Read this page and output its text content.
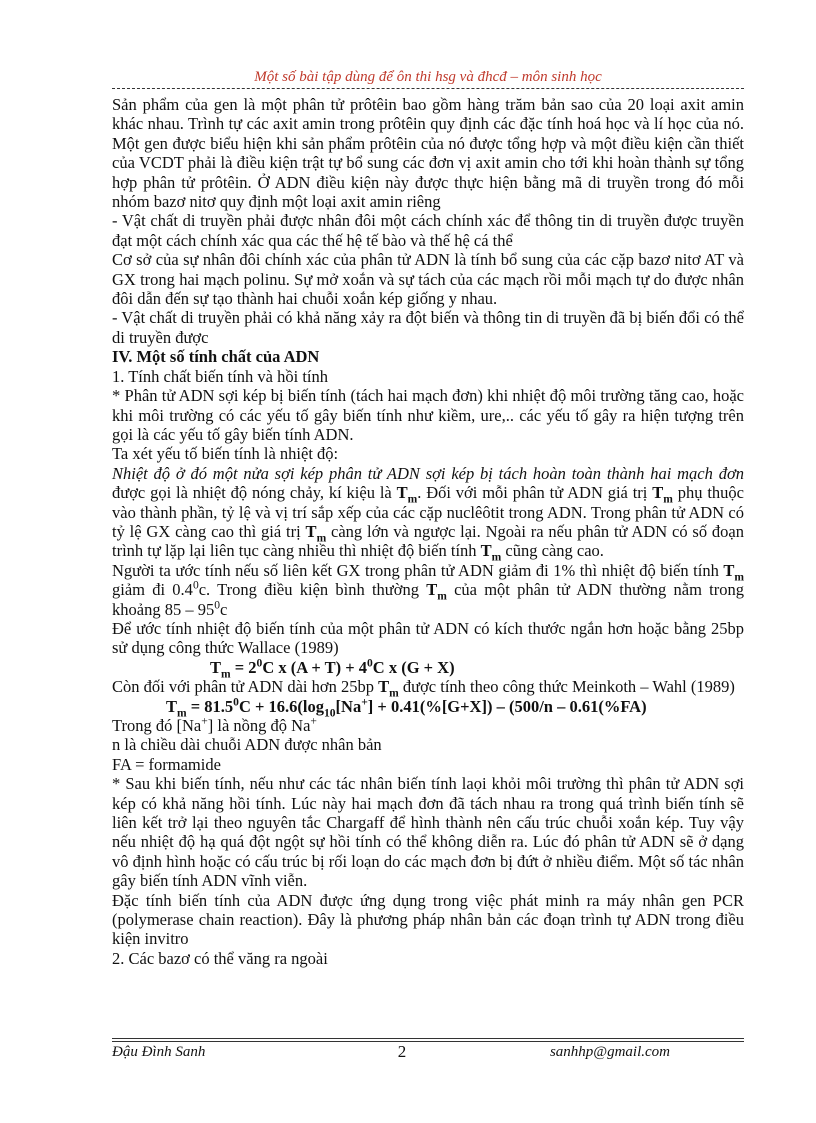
Một số bài tập dùng để ôn thi hsg và đhcđ – môn sinh học

Sản phẩm của gen là một phân tử prôtêin bao gồm hàng trăm bản sao của 20 loại axit amin khác nhau. Trình tự các axit amin trong prôtêin quy định các đặc tính hoá học và lí học của nó. Một gen được biểu hiện khi sản phẩm prôtêin của nó được tổng hợp và một điều kiện cần thiết của VCDT phải là điều kiện trật tự bổ sung các đơn vị axit amin cho tới khi hoàn thành sự tổng hợp phân tử prôtêin. Ở ADN điều kiện này được thực hiện bằng mã di truyền trong đó mỗi nhóm bazơ nitơ quy định một loại axit amin riêng

- Vật chất di truyền phải được nhân đôi một cách chính xác để thông tin di truyền được truyền đạt một cách chính xác qua các thế hệ tế bào và thế hệ cá thể

Cơ sở của sự nhân đôi chính xác của phân tử ADN là tính bổ sung của các cặp bazơ nitơ AT và GX trong hai mạch polinu. Sự mở xoắn và sự tách của các mạch rồi mỗi mạch tự do được nhân đôi dẫn đến sự tạo thành hai chuỗi xoắn kép giống y nhau.

- Vật chất di truyền phải có khả năng xảy ra đột biến và thông tin di truyền đã bị biến đổi có thể di truyền được

IV. Một số tính chất của ADN

1. Tính chất biến tính và hồi tính

* Phân tử ADN sợi kép bị biến tính (tách hai mạch đơn) khi nhiệt độ môi trường tăng cao, hoặc khi môi trường có các yếu tố gây biến tính như kiềm, ure,.. các yếu tố gây ra hiện tượng trên gọi là các yếu tố gây biến tính ADN.

Ta xét yếu tố biến tính là nhiệt độ:

Nhiệt độ ở đó một nửa sợi kép phân tử ADN sợi kép bị tách hoàn toàn thành hai mạch đơn được gọi là nhiệt độ nóng chảy, kí kiệu là $T_m$. Đối với mỗi phân tử ADN giá trị $T_m$ phụ thuộc vào thành phần, tỷ lệ và vị trí sắp xếp của các cặp nuclêôtit trong ADN. Trong phân tử ADN có tỷ lệ GX càng cao thì giá trị $T_m$ càng lớn và ngược lại. Ngoài ra nếu phân tử ADN có số đoạn trình tự lặp lại liên tục càng nhiều thì nhiệt độ biến tính $T_m$ cũng càng cao.

Người ta ước tính nếu số liên kết GX trong phân tử ADN giảm đi 1% thì nhiệt độ biến tính $T_m$ giảm đi $0.4^0c$. Trong điều kiện bình thường $T_m$ của một phân tử ADN thường nằm trong khoảng $85 - 95^0c$

Để ước tính nhiệt độ biến tính của một phân tử ADN có kích thước ngắn hơn hoặc bằng 25bp sử dụng công thức Wallace (1989)

$T_m = 2^0C$ x $(A + T) + 4^0C$ x (G + X)

Còn đối với phân tử ADN dài hơn 25bp $T_m$ được tính theo công thức Meinkoth – Wahl (1989)

$T_m = 81.5^0C + 16.6(\log_{10}[Na^+] + 0.41(\%[G+X]) - (500/n - 0.61(\%FA)$

Trong đó [Na+] là nồng độ Na+

n là chiều dài chuỗi ADN được nhân bản

FA = formamide

* Sau khi biến tính, nếu như các tác nhân biến tính laọi khỏi môi trường thì phân tử ADN sợi kép có khả năng hồi tính. Lúc này hai mạch đơn đã tách nhau ra trong quá trình biến tính sẽ liên kết trở lại theo nguyên tắc Chargaff để hình thành nên cấu trúc chuỗi xoắn kép. Tuy vậy nếu nhiệt độ hạ quá đột ngột sự hồi tính có thể không diễn ra. Lúc đó phân tử ADN sẽ ở dạng vô định hình hoặc có cấu trúc bị rối loạn do các mạch đơn bị đứt ở nhiều điểm. Một số tác nhân gây biến tính ADN vĩnh viễn.

Đặc tính biến tính của ADN được ứng dụng trong việc phát minh ra máy nhân gen PCR (polymerase chain reaction). Đây là phương pháp nhân bản các đoạn trình tự ADN trong điều kiện invitro

2. Các bazơ có thể văng ra ngoài

Đậu Đình Sanh	2	sanhhp@gmail.com
